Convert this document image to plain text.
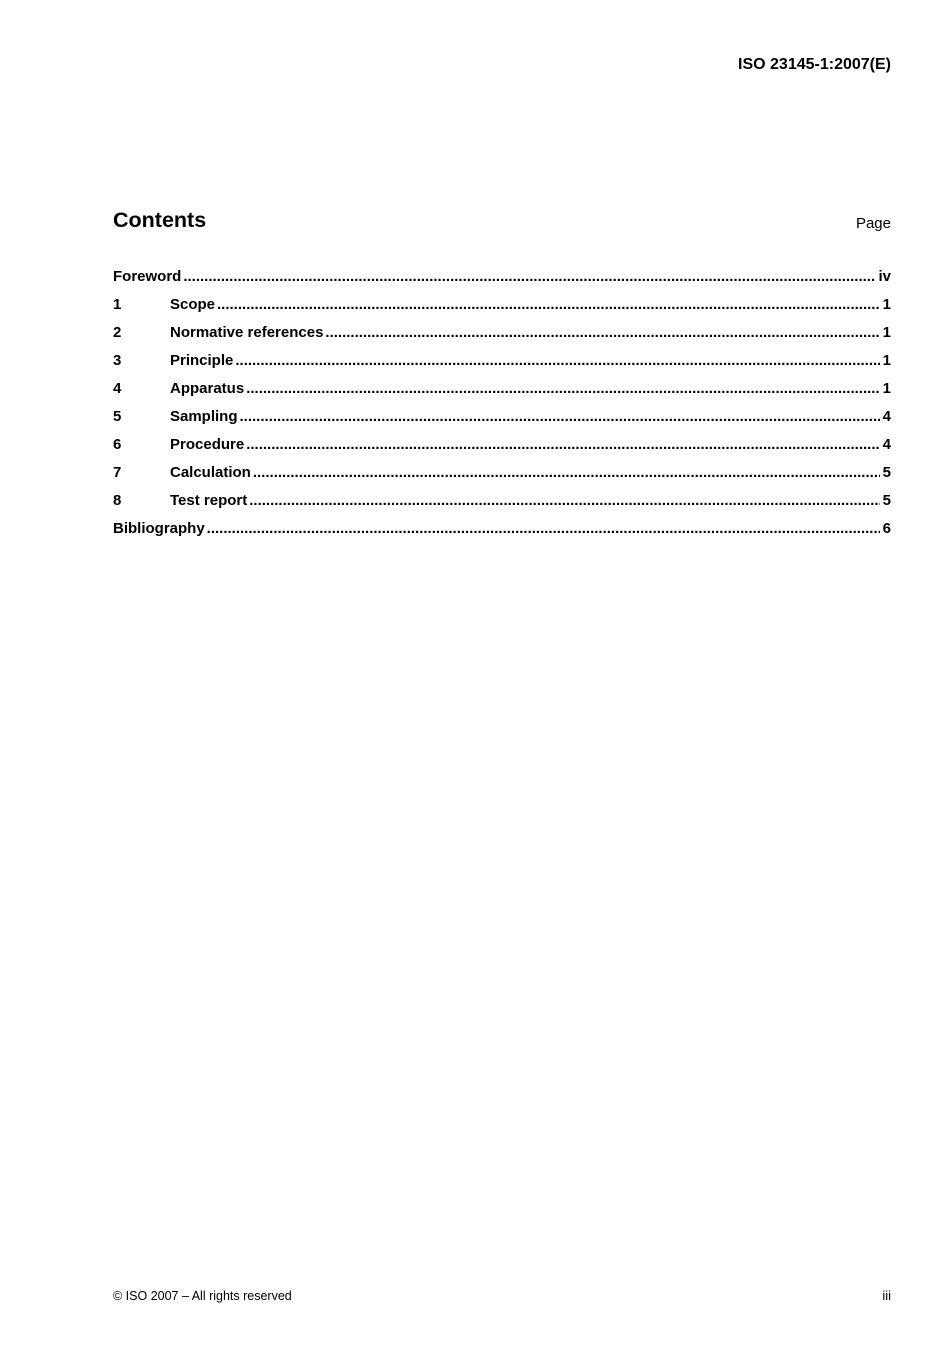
ISO 23145-1:2007(E)
Contents	Page
Foreword .....	iv
1	Scope .....	1
2	Normative references .....	1
3	Principle .....	1
4	Apparatus .....	1
5	Sampling .....	4
6	Procedure .....	4
7	Calculation .....	5
8	Test report .....	5
Bibliography .....	6
© ISO 2007 – All rights reserved	iii
